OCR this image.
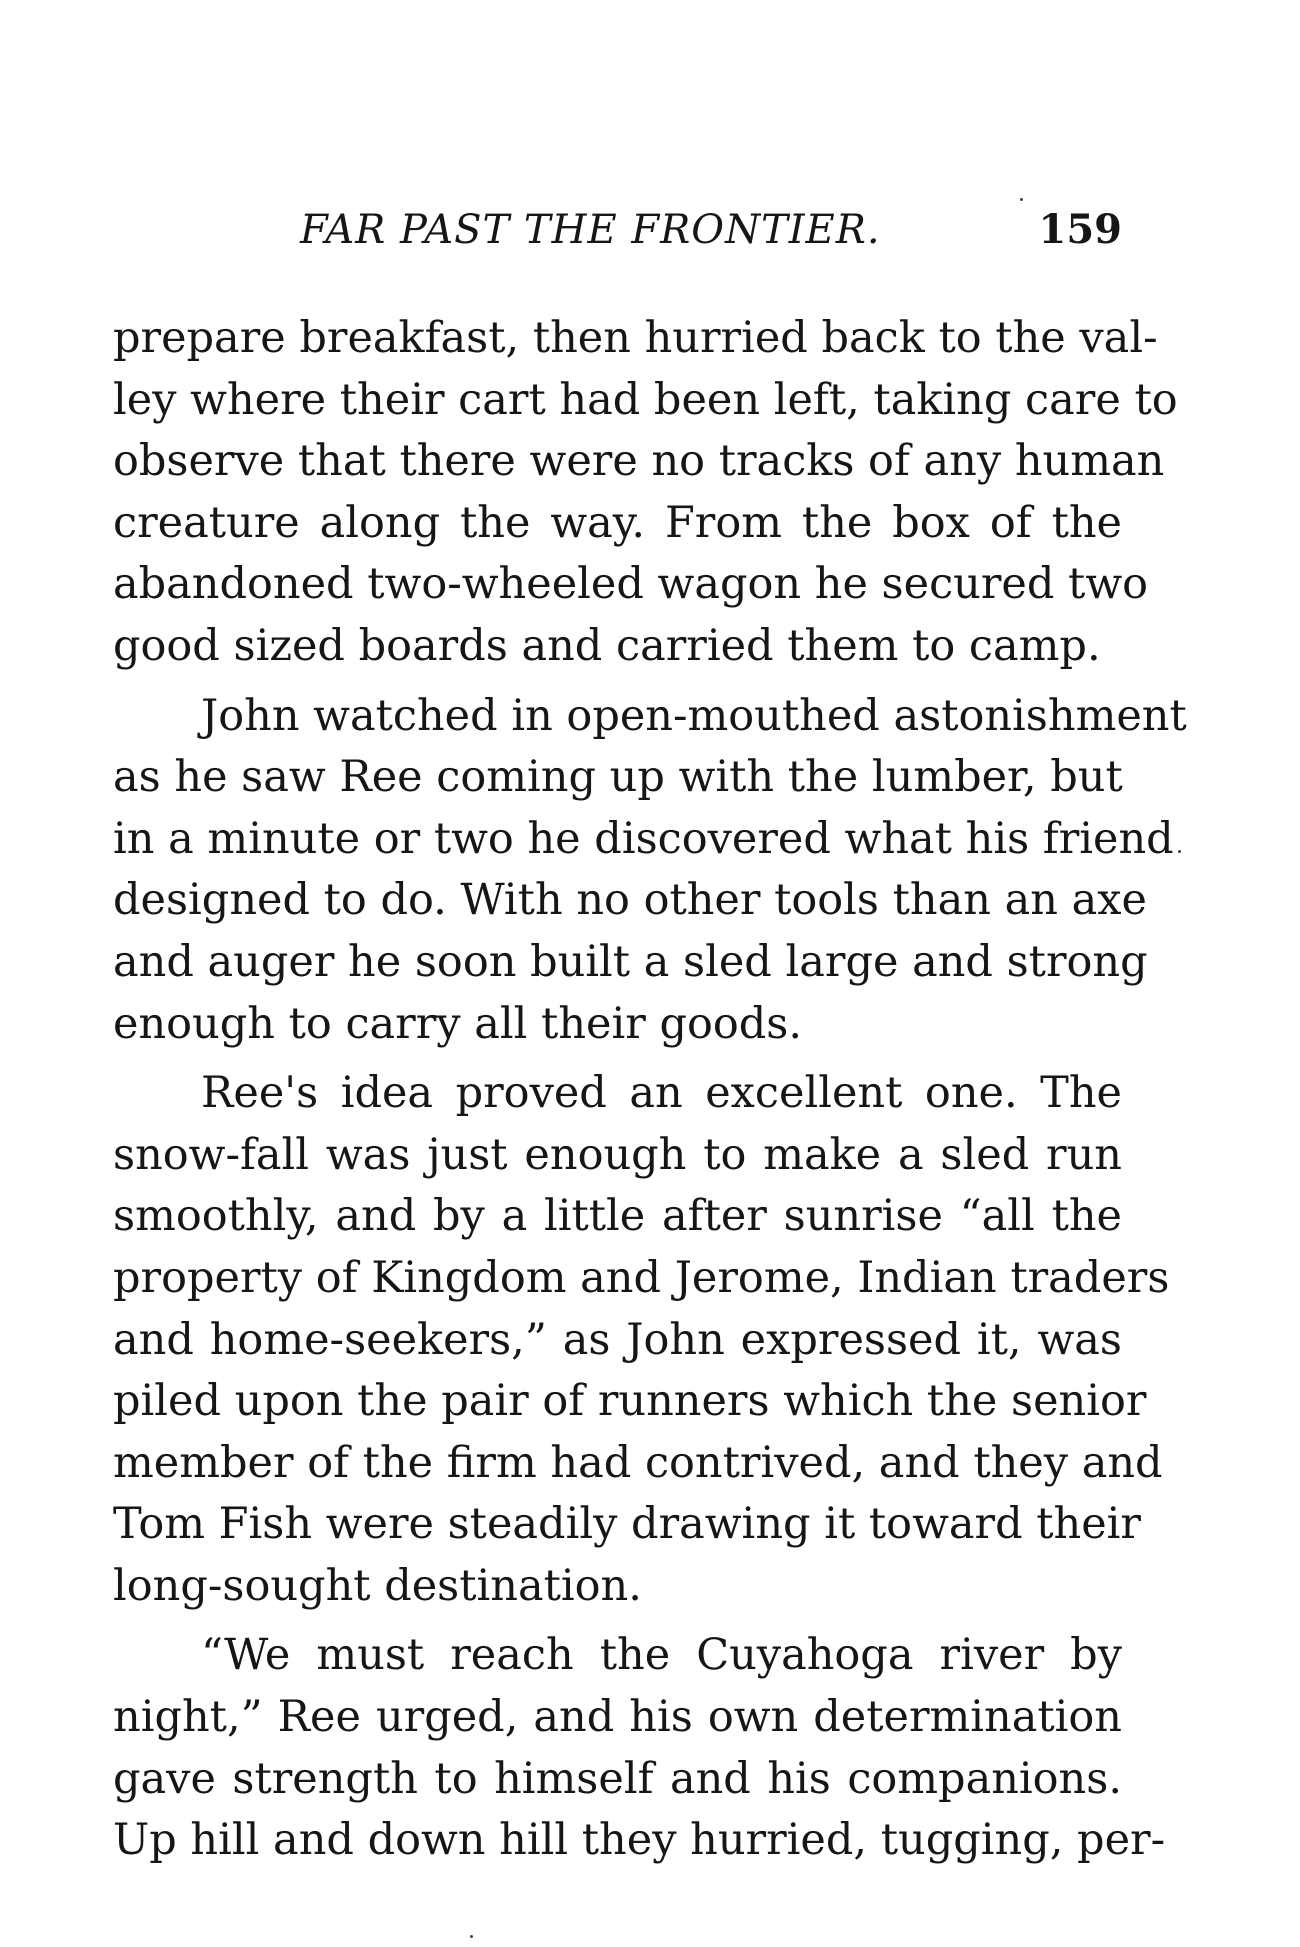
FAR PAST THE FRONTIER.	159
prepare breakfast, then hurried back to the val-
ley where their cart had been left, taking care to
observe that there were no tracks of any human
creature along the way. From the box of the
abandoned two-wheeled wagon he secured two
good sized boards and carried them to camp.
John watched in open-mouthed astonishment
as he saw Ree coming up with the lumber, but
in a minute or two he discovered what his friend
designed to do. With no other tools than an axe
and auger he soon built a sled large and strong
enough to carry all their goods.
Ree's idea proved an excellent one. The
snow-fall was just enough to make a sled run
smoothly, and by a little after sunrise “all the
property of Kingdom and Jerome, Indian traders
and home-seekers,” as John expressed it, was
piled upon the pair of runners which the senior
member of the firm had contrived, and they and
Tom Fish were steadily drawing it toward their
long-sought destination.
“We must reach the Cuyahoga river by
night,” Ree urged, and his own determination
gave strength to himself and his companions.
Up hill and down hill they hurried, tugging, per-
